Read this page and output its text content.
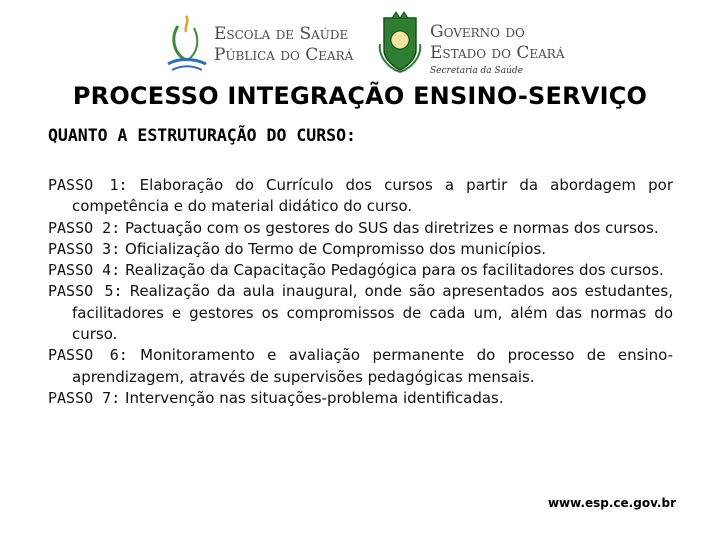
Escola de Saúde
Pública do Ceará
Governo do
Estado do Ceará
Secretaria da Saúde
PROCESSO INTEGRAÇÃO ENSINO-SERVIÇO
QUANTO A ESTRUTURAÇÃO DO CURSO:
PASSO 1: Elaboração do Currículo dos cursos a partir da abordagem por competência e do material didático do curso.
PASSO 2: Pactuação com os gestores do SUS das diretrizes e normas dos cursos.
PASSO 3: Oficialização do Termo de Compromisso dos municípios.
PASSO 4: Realização da Capacitação Pedagógica para os facilitadores dos cursos.
PASSO 5: Realização da aula inaugural, onde são apresentados aos estudantes, facilitadores e gestores os compromissos de cada um, além das normas do curso.
PASSO 6: Monitoramento e avaliação permanente do processo de ensino-aprendizagem, através de supervisões pedagógicas mensais.
PASSO 7: Intervenção nas situações-problema identificadas.
www.esp.ce.gov.br
